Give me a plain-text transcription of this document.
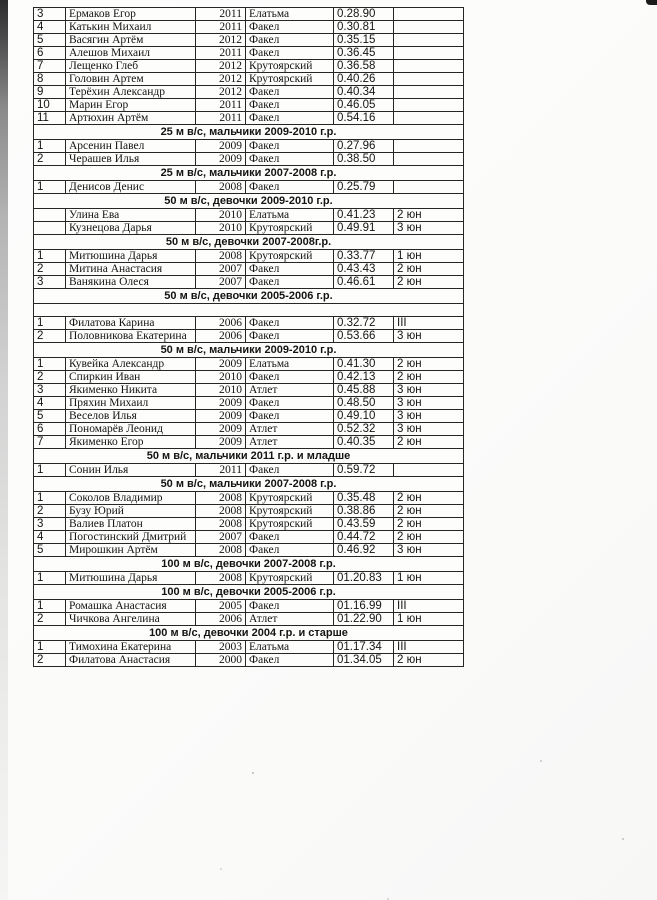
3	Ермаков Егор	2011	Елатьма	0.28.90	
4	Катькин Михаил	2011	Факел	0.30.81	
5	Васягин Артём	2012	Факел	0.35.15	
6	Алешов Михаил	2011	Факел	0.36.45	
7	Лещенко Глеб	2012	Крутоярский	0.36.58	
8	Головин Артем	2012	Крутоярский	0.40.26	
9	Терёхин Александр	2012	Факел	0.40.34	
10	Марин Егор	2011	Факел	0.46.05	
11	Артюхин Артём	2011	Факел	0.54.16	
25 м в/с, мальчики 2009-2010 г.р.					
1	Арсенин Павел	2009	Факел	0.27.96	
2	Черашев Илья	2009	Факел	0.38.50	
25 м в/с, мальчики 2007-2008 г.р.					
1	Денисов Денис	2008	Факел	0.25.79	
50 м в/с, девочки 2009-2010 г.р.					
	Улина Ева	2010	Елатьма	0.41.23	2 юн
	Кузнецова Дарья	2010	Крутоярский	0.49.91	3 юн
50 м в/с, девочки 2007-2008г.р.					
1	Митюшина Дарья	2008	Крутоярский	0.33.77	1 юн
2	Митина Анастасия	2007	Факел	0.43.43	2 юн
3	Ванякина Олеся	2007	Факел	0.46.61	2 юн
50 м в/с, девочки 2005-2006 г.р.					

1	Филатова Карина	2006	Факел	0.32.72	III
2	Половникова Екатерина	2006	Факел	0.53.66	3 юн
50 м в/с, мальчики 2009-2010 г.р.					
1	Кувейка Александр	2009	Елатьма	0.41.30	2 юн
2	Спиркин Иван	2010	Факел	0.42.13	2 юн
3	Якименко Никита	2010	Атлет	0.45.88	3 юн
4	Пряхин Михаил	2009	Факел	0.48.50	3 юн
5	Веселов Илья	2009	Факел	0.49.10	3 юн
6	Пономарёв Леонид	2009	Атлет	0.52.32	3 юн
7	Якименко Егор	2009	Атлет	0.40.35	2 юн
50 м в/с, мальчики 2011 г.р. и младше					
1	Сонин Илья	2011	Факел	0.59.72	
50 м в/с, мальчики 2007-2008 г.р.					
1	Соколов Владимир	2008	Крутоярский	0.35.48	2 юн
2	Бузу Юрий	2008	Крутоярский	0.38.86	2 юн
3	Валиев Платон	2008	Крутоярский	0.43.59	2 юн
4	Погостинский Дмитрий	2007	Факел	0.44.72	2 юн
5	Мирошкин Артём	2008	Факел	0.46.92	3 юн
100 м в/с, девочки 2007-2008 г.р.					
1	Митюшина Дарья	2008	Крутоярский	01.20.83	1 юн
100 м в/с, девочки 2005-2006 г.р.					
1	Ромашка Анастасия	2005	Факел	01.16.99	III
2	Чичкова Ангелина	2006	Атлет	01.22.90	1 юн
100 м в/с, девочки 2004 г.р. и старше					
1	Тимохина Екатерина	2003	Елатьма	01.17.34	III
2	Филатова Анастасия	2000	Факел	01.34.05	2 юн
